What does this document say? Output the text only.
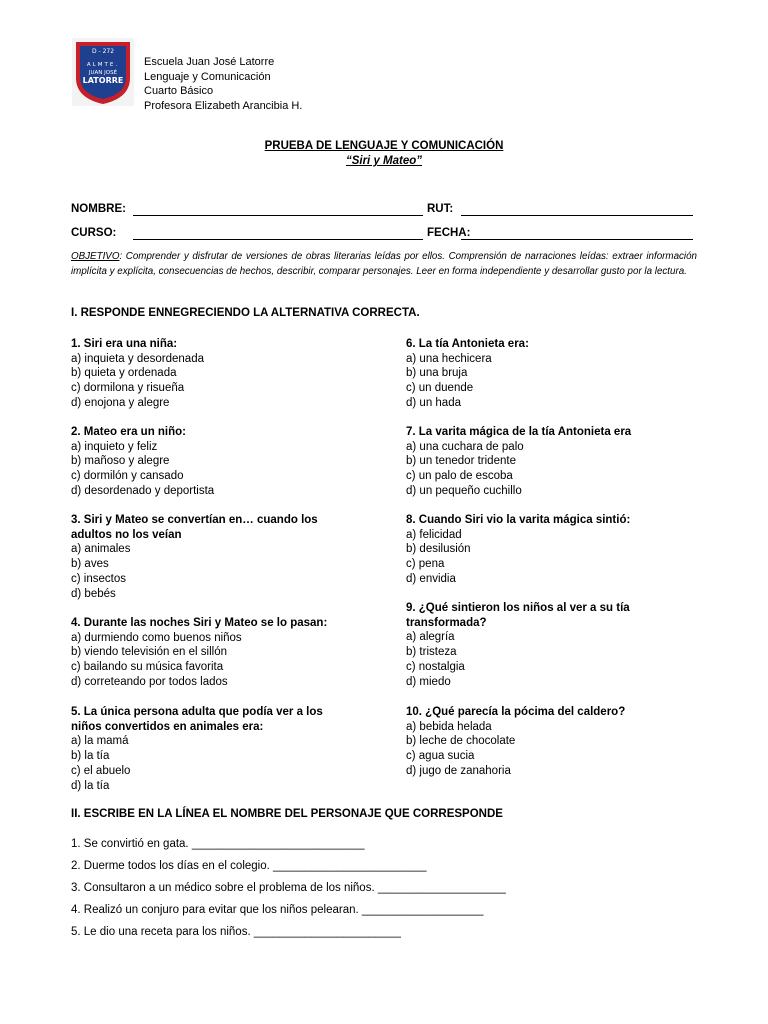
D - 272
ALMTE.
JUAN JOSÉ
LATORRE
Escuela Juan José Latorre
Lenguaje y Comunicación
Cuarto Básico
Profesora Elizabeth Arancibia H.
PRUEBA DE LENGUAJE Y COMUNICACIÓN
“Siri y Mateo”
NOMBRE:	RUT:
CURSO:	FECHA:
OBJETIVO: Comprender y disfrutar de versiones de obras literarias leídas por ellos. Comprensión de narraciones leídas: extraer información implícita y explícita, consecuencias de hechos, describir, comparar personajes. Leer en forma independiente y desarrollar gusto por la lectura.
I. RESPONDE ENNEGRECIENDO LA ALTERNATIVA CORRECTA.
1. Siri era una niña:
a) inquieta y desordenada
b) quieta y ordenada
c) dormilona y risueña
d) enojona y alegre
2. Mateo era un niño:
a) inquieto y feliz
b) mañoso y alegre
c) dormilón y cansado
d) desordenado y deportista
3. Siri y Mateo se convertían en… cuando los adultos no los veían
a) animales
b) aves
c) insectos
d) bebés
4. Durante las noches Siri y Mateo se lo pasan:
a) durmiendo como buenos niños
b) viendo televisión en el sillón
c) bailando su música favorita
d) correteando por todos lados
5. La única persona adulta que podía ver a los niños convertidos en animales era:
a) la mamá
b) la tía
c) el abuelo
d) la tía
6. La tía Antonieta era:
a) una hechicera
b) una bruja
c) un duende
d) un hada
7. La varita mágica de la tía Antonieta era
a) una cuchara de palo
b) un tenedor tridente
c) un palo de escoba
d) un pequeño cuchillo
8. Cuando Siri vio la varita mágica sintió:
a) felicidad
b) desilusión
c) pena
d) envidia
9. ¿Qué sintieron los niños al ver a su tía transformada?
a) alegría
b) tristeza
c) nostalgia
d) miedo
10. ¿Qué parecía la pócima del caldero?
a) bebida helada
b) leche de chocolate
c) agua sucia
d) jugo de zanahoria
II. ESCRIBE EN LA LÍNEA EL NOMBRE DEL PERSONAJE QUE CORRESPONDE
1. Se convirtió en gata. ___________________________
2. Duerme todos los días en el colegio. ________________________
3. Consultaron a un médico sobre el problema de los niños. ____________________
4. Realizó un conjuro para evitar que los niños pelearan. ___________________
5. Le dio una receta para los niños. _______________________
